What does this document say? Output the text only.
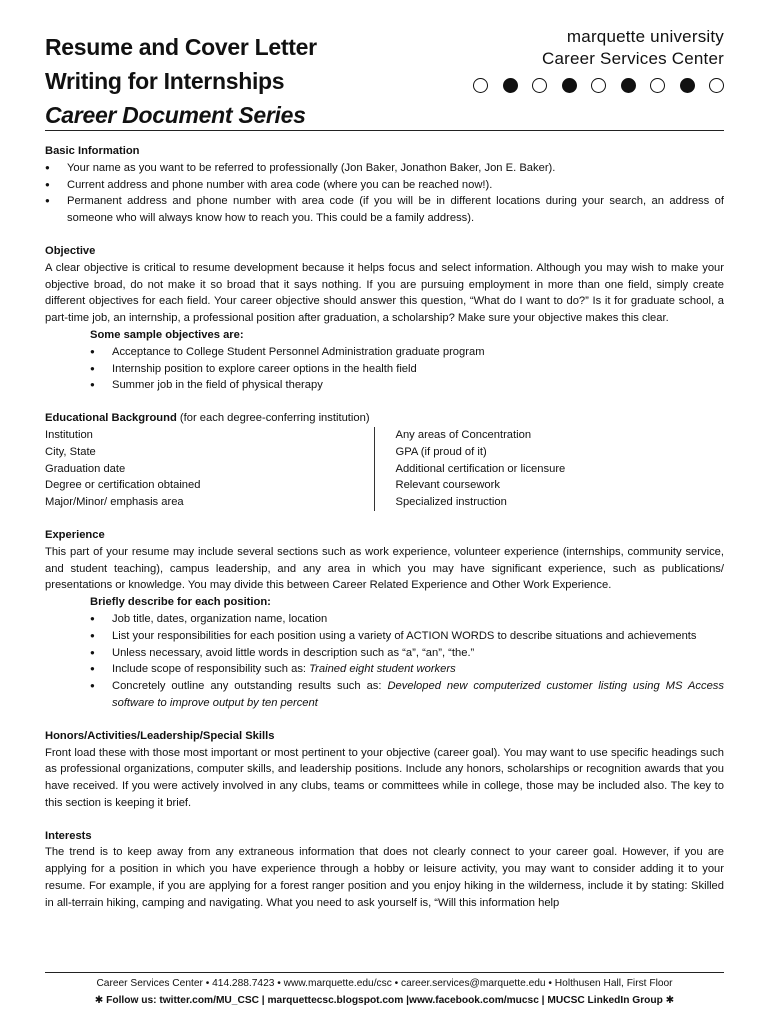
Resume and Cover Letter
Writing for Internships
Career Document Series
marquette university
Career Services Center
Basic Information
● Your name as you want to be referred to professionally (Jon Baker, Jonathon Baker, Jon E. Baker).
● Current address and phone number with area code (where you can be reached now!).
● Permanent address and phone number with area code (if you will be in different locations during your search, an address of someone who will always know how to reach you. This could be a family address).
Objective
A clear objective is critical to resume development because it helps focus and select information. Although you may wish to make your objective broad, do not make it so broad that it says nothing. If you are pursuing employment in more than one field, simply create different objectives for each field. Your career objective should answer this question, “What do I want to do?” Is it for graduate school, a part-time job, an internship, a professional position after graduation, a scholarship? Make sure your objective makes this clear.
Some sample objectives are:
● Acceptance to College Student Personnel Administration graduate program
● Internship position to explore career options in the health field
● Summer job in the field of physical therapy
Educational Background (for each degree-conferring institution)
Institution
City, State
Graduation date
Degree or certification obtained
Major/Minor/ emphasis area
Any areas of Concentration
GPA (if proud of it)
Additional certification or licensure
Relevant coursework
Specialized instruction
Experience
This part of your resume may include several sections such as work experience, volunteer experience (internships, community service, and student teaching), campus leadership, and any area in which you may have significant experience, such as publications/ presentations or knowledge. You may divide this between Career Related Experience and Other Work Experience.
Briefly describe for each position:
● Job title, dates, organization name, location
● List your responsibilities for each position using a variety of ACTION WORDS to describe situations and achievements
● Unless necessary, avoid little words in description such as “a”, “an”, “the.”
● Include scope of responsibility such as: Trained eight student workers
● Concretely outline any outstanding results such as: Developed new computerized customer listing using MS Access software to improve output by ten percent
Honors/Activities/Leadership/Special Skills
Front load these with those most important or most pertinent to your objective (career goal). You may want to use specific headings such as professional organizations, computer skills, and leadership positions. Include any honors, scholarships or recognition awards that you have received. If you were actively involved in any clubs, teams or committees while in college, those may be included also. The key to this section is keeping it brief.
Interests
The trend is to keep away from any extraneous information that does not clearly connect to your career goal. However, if you are applying for a position in which you have experience through a hobby or leisure activity, you may want to consider adding it to your resume. For example, if you are applying for a forest ranger position and you enjoy hiking in the wilderness, include it by stating: Skilled in all-terrain hiking, camping and navigating. What you need to ask yourself is, “Will this information help
Career Services Center • 414.288.7423 • www.marquette.edu/csc • career.services@marquette.edu • Holthusen Hall, First Floor
✱ Follow us: twitter.com/MU_CSC | marquettecsc.blogspot.com |www.facebook.com/mucsc | MUCSC LinkedIn Group ✱
